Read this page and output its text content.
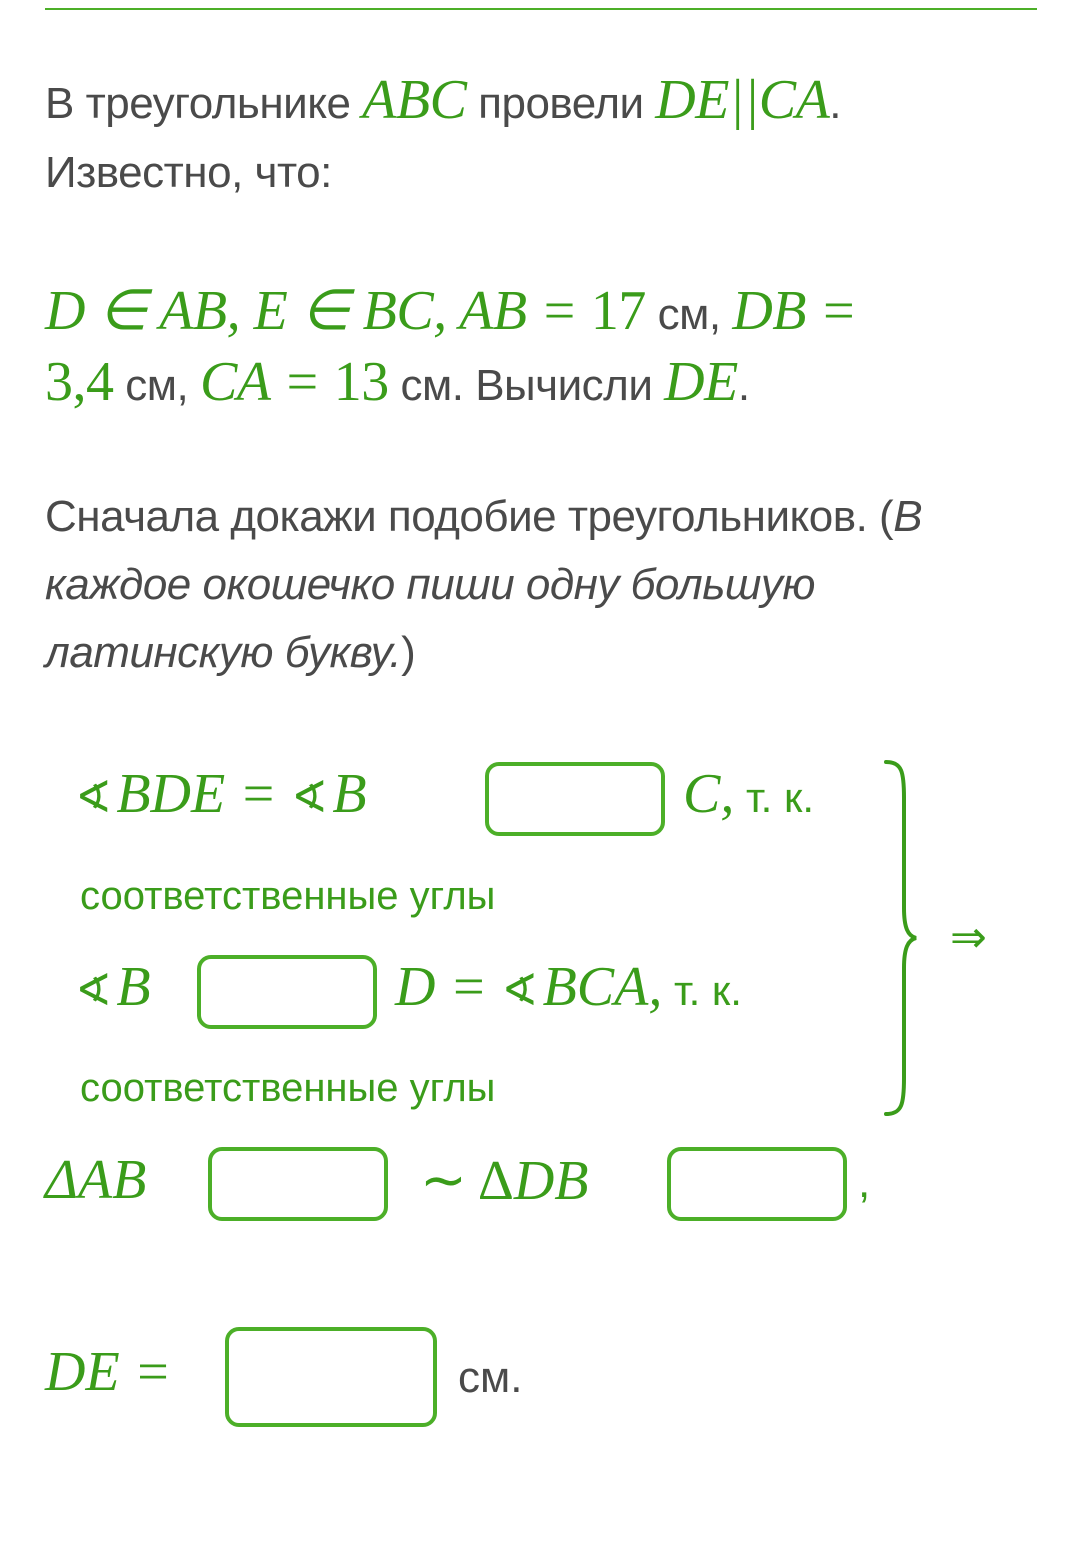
В треугольнике ABC провели DE||CA.
Известно, что:
D ∈ AB, E ∈ BC, AB = 17 см, DB =
3,4 см, CA = 13 см. Вычисли DE.
Сначала докажи подобие треугольников. (В
каждое окошечко пиши одну большую
латинскую букву.)
∢ BDE = ∢ B	C, т. к.
соответственные углы
∢ B	D = ∢ BCA, т. к.
соответственные углы
⇒
ΔAB	∼ ΔDB	,
DE =	см.
